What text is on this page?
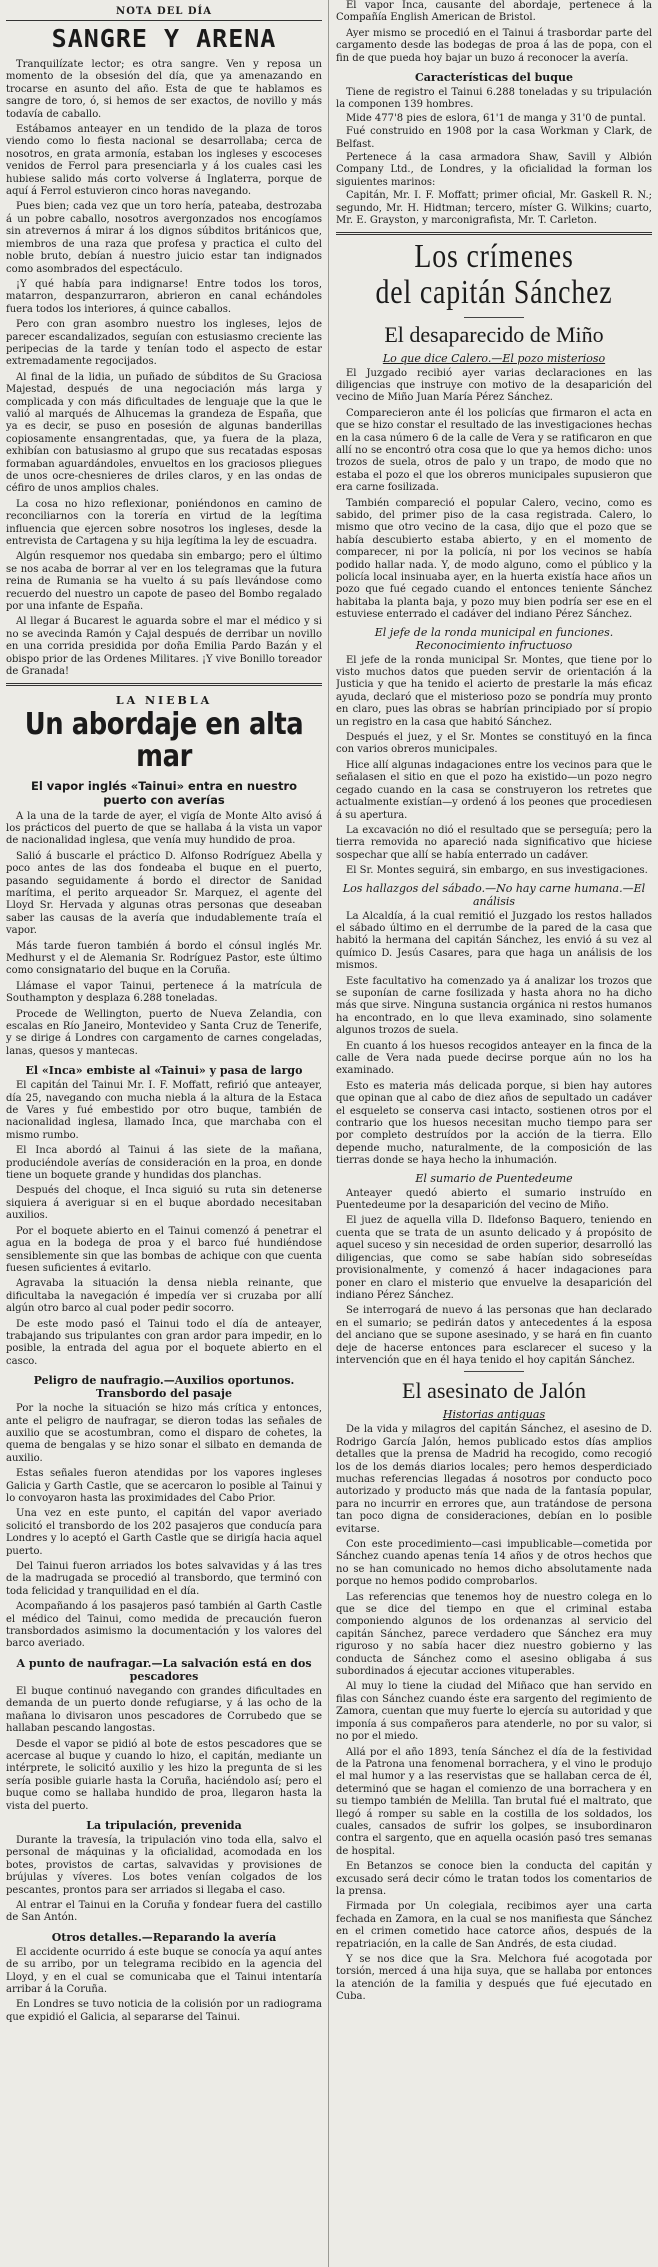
NOTA DEL DÍA
SANGRE Y ARENA

Tranquilízate lector; es otra sangre. Ven y reposa un momento de la obsesión del día, que ya amenazando en trocarse en asunto del año. Esta de que te hablamos es sangre de toro, ó, si hemos de ser exactos, de novillo y más todavía de caballo.

Estábamos anteayer en un tendido de la plaza de toros viendo como lo fiesta nacional se desarrollaba; cerca de nosotros, en grata armonía, estaban los ingleses y escoceses venidos de Ferrol para presenciarla y á los cuales casi les hubiese salido más corto volverse á Inglaterra, porque de aquí á Ferrol estuvieron cinco horas navegando.

Pues bien; cada vez que un toro hería, pateaba, destrozaba á un pobre caballo, nosotros avergonzados nos encogíamos sin atrevernos á mirar á los dignos súbditos británicos que, miembros de una raza que profesa y practica el culto del noble bruto, debían á nuestro juicio estar tan indignados como asombrados del espectáculo.

¡Y qué había para indignarse! Entre todos los toros, matarron, despanzurraron, abrieron en canal echándoles fuera todos los interiores, á quince caballos.

Pero con gran asombro nuestro los ingleses, lejos de parecer escandalizados, seguían con estusiasmo creciente las peripecias de la tarde y tenían todo el aspecto de estar extremadamente regocijados.

Al final de la lidia, un puñado de súbditos de Su Graciosa Majestad, después de una negociación más larga y complicada y con más dificultades de lenguaje que la que le valió al marqués de Alhucemas la grandeza de España, que ya es decir, se puso en posesión de algunas banderillas copiosamente ensangrentadas, que, ya fuera de la plaza, exhibían con batusiasmo al grupo que sus recatadas esposas formaban aguardándoles, envueltos en los graciosos pliegues de unos ocre-chesnieres de driles claros, y en las ondas de céfiro de unos amplios chales.

La cosa no hizo reflexionar, poniéndonos en camino de reconciliarnos con la torería en virtud de la legítima influencia que ejercen sobre nosotros los ingleses, desde la entrevista de Cartagena y su hija legítima la ley de escuadra.

Algún resquemor nos quedaba sin embargo; pero el último se nos acaba de borrar al ver en los telegramas que la futura reina de Rumania se ha vuelto á su país llevándose como recuerdo del nuestro un capote de paseo del Bombo regalado por una infante de España.

Al llegar á Bucarest le aguarda sobre el mar el médico y si no se avecinda Ramón y Cajal después de derribar un novillo en una corrida presidida por doña Emilia Pardo Bazán y el obispo prior de las Ordenes Militares. ¡Y vive Bonillo toreador de Granada!

LA NIEBLA
Un abordaje en alta mar
El vapor inglés «Tainui» entra en nuestro puerto con averías

A la una de la tarde de ayer, el vigía de Monte Alto avisó á los prácticos del puerto de que se hallaba á la vista un vapor de nacionalidad inglesa, que venía muy hundido de proa.

Salió á buscarle el práctico D. Alfonso Rodríguez Abella y poco antes de las dos fondeaba el buque en el puerto, pasando seguidamente á bordo el director de Sanidad marítima, el perito arqueador Sr. Marquez, el agente del Lloyd Sr. Hervada y algunas otras personas que deseaban saber las causas de la avería que indudablemente traía el vapor.

Más tarde fueron también á bordo el cónsul inglés Mr. Medhurst y el de Alemania Sr. Rodríguez Pastor, este último como consignatario del buque en la Coruña.

Llámase el vapor Tainui, pertenece á la matrícula de Southampton y desplaza 6.288 toneladas.

Procede de Wellington, puerto de Nueva Zelandia, con escalas en Río Janeiro, Montevideo y Santa Cruz de Tenerife, y se dirige á Londres con cargamento de carnes congeladas, lanas, quesos y mantecas.

El «Inca» embiste al «Tainui» y pasa de largo

El capitán del Tainui Mr. I. F. Moffatt, refirió que anteayer, día 25, navegando con mucha niebla á la altura de la Estaca de Vares y fué embestido por otro buque, también de nacionalidad inglesa, llamado Inca, que marchaba con el mismo rumbo.

El Inca abordó al Tainui á las siete de la mañana, produciéndole averías de consideración en la proa, en donde tiene un boquete grande y hundidas dos planchas.

Después del choque, el Inca siguió su ruta sin detenerse siquiera á averiguar si en el buque abordado necesitaban auxilios.

Por el boquete abierto en el Tainui comenzó á penetrar el agua en la bodega de proa y el barco fué hundiéndose sensiblemente sin que las bombas de achique con que cuenta fuesen suficientes á evitarlo.

Agravaba la situación la densa niebla reinante, que dificultaba la navegación é impedía ver si cruzaba por allí algún otro barco al cual poder pedir socorro.

De este modo pasó el Tainui todo el día de anteayer, trabajando sus tripulantes con gran ardor para impedir, en lo posible, la entrada del agua por el boquete abierto en el casco.

Peligro de naufragio.—Auxilios oportunos. Transbordo del pasaje

Por la noche la situación se hizo más crítica y entonces, ante el peligro de naufragar, se dieron todas las señales de auxilio que se acostumbran, como el disparo de cohetes, la quema de bengalas y se hizo sonar el silbato en demanda de auxilio.

Estas señales fueron atendidas por los vapores ingleses Galicia y Garth Castle, que se acercaron lo posible al Tainui y lo convoyaron hasta las proximidades del Cabo Prior.

Una vez en este punto, el capitán del vapor averiado solicitó el transbordo de los 202 pasajeros que conducía para Londres y lo aceptó el Garth Castle que se dirigía hacia aquel puerto.

Del Tainui fueron arriados los botes salvavidas y á las tres de la madrugada se procedió al transbordo, que terminó con toda felicidad y tranquilidad en el día.

Acompañando á los pasajeros pasó también al Garth Castle el médico del Tainui, como medida de precaución fueron transbordados asimismo la documentación y los valores del barco averiado.

A punto de naufragar.—La salvación está en dos pescadores

El buque continuó navegando con grandes dificultades en demanda de un puerto donde refugiarse, y á las ocho de la mañana lo divisaron unos pescadores de Corrubedo que se hallaban pescando langostas.

Desde el vapor se pidió al bote de estos pescadores que se acercase al buque y cuando lo hizo, el capitán, mediante un intérprete, le solicitó auxilio y les hizo la pregunta de si les sería posible guiarle hasta la Coruña, haciéndolo así; pero el buque como se hallaba hundido de proa, llegaron hasta la vista del puerto.

La tripulación, prevenida

Durante la travesía, la tripulación vino toda ella, salvo el personal de máquinas y la oficialidad, acomodada en los botes, provistos de cartas, salvavidas y provisiones de brújulas y víveres. Los botes venían colgados de los pescantes, prontos para ser arriados si llegaba el caso.

Al entrar el Tainui en la Coruña y fondear fuera del castillo de San Antón.

Otros detalles.—Reparando la avería

El accidente ocurrido á este buque se conocía ya aquí antes de su arribo, por un telegrama recibido en la agencia del Lloyd, y en el cual se comunicaba que el Tainui intentaría arribar á la Coruña.

En Londres se tuvo noticia de la colisión por un radiograma que expidió el Galicia, al separarse del Tainui.

El vapor Inca, causante del abordaje, pertenece á la Compañía English American de Bristol.

Ayer mismo se procedió en el Tainui á trasbordar parte del cargamento desde las bodegas de proa á las de popa, con el fin de que pueda hoy bajar un buzo á reconocer la avería.

Características del buque

Tiene de registro el Tainui 6.288 toneladas y su tripulación la componen 139 hombres.

Mide 477'8 pies de eslora, 61'1 de manga y 31'0 de puntal.

Fué construido en 1908 por la casa Workman y Clark, de Belfast.

Pertenece á la casa armadora Shaw, Savill y Albión Company Ltd., de Londres, y la oficialidad la forman los siguientes marinos:

Capitán, Mr. I. F. Moffatt; primer oficial, Mr. Gaskell R. N.; segundo, Mr. H. Hidtman; tercero, míster G. Wilkins; cuarto, Mr. E. Grayston, y marconigrafista, Mr. T. Carleton.

Los crímenes
del capitán Sánchez
El desaparecido de Miño
Lo que dice Calero.—El pozo misterioso

El Juzgado recibió ayer varias declaraciones en las diligencias que instruye con motivo de la desaparición del vecino de Miño Juan María Pérez Sánchez.

Comparecieron ante él los policías que firmaron el acta en que se hizo constar el resultado de las investigaciones hechas en la casa número 6 de la calle de Vera y se ratificaron en que allí no se encontró otra cosa que lo que ya hemos dicho: unos trozos de suela, otros de palo y un trapo, de modo que no estaba el pozo el que los obreros municipales supusieron que era carne fosilizada.

También compareció el popular Calero, vecino, como es sabido, del primer piso de la casa registrada. Calero, lo mismo que otro vecino de la casa, dijo que el pozo que se había descubierto estaba abierto, y en el momento de comparecer, ni por la policía, ni por los vecinos se había podido hallar nada. Y, de modo alguno, como el público y la policía local insinuaba ayer, en la huerta existía hace años un pozo que fué cegado cuando el entonces teniente Sánchez habitaba la planta baja, y pozo muy bien podría ser ese en el estuviese enterrado el cadáver del indiano Pérez Sánchez.

El jefe de la ronda municipal en funciones. Reconocimiento infructuoso

El jefe de la ronda municipal Sr. Montes, que tiene por lo visto muchos datos que pueden servir de orientación á la Justicia y que ha tenido el acierto de prestarle la más eficaz ayuda, declaró que el misterioso pozo se pondría muy pronto en claro, pues las obras se habrían principiado por sí propio un registro en la casa que habitó Sánchez.

Después el juez, y el Sr. Montes se constituyó en la finca con varios obreros municipales.

Hice allí algunas indagaciones entre los vecinos para que le señalasen el sitio en que el pozo ha existido—un pozo negro cegado cuando en la casa se construyeron los retretes que actualmente existían—y ordenó á los peones que procediesen á su apertura.

La excavación no dió el resultado que se perseguía; pero la tierra removida no apareció nada significativo que hiciese sospechar que allí se había enterrado un cadáver.

El Sr. Montes seguirá, sin embargo, en sus investigaciones.

Los hallazgos del sábado.—No hay carne humana.—El análisis

La Alcaldía, á la cual remitió el Juzgado los restos hallados el sábado último en el derrumbe de la pared de la casa que habitó la hermana del capitán Sánchez, les envió á su vez al químico D. Jesús Casares, para que haga un análisis de los mismos.

Este facultativo ha comenzado ya á analizar los trozos que se suponían de carne fosilizada y hasta ahora no ha dicho más que sirve. Ninguna sustancia orgánica ni restos humanos ha encontrado, en lo que lleva examinado, sino solamente algunos trozos de suela.

En cuanto á los huesos recogidos anteayer en la finca de la calle de Vera nada puede decirse porque aún no los ha examinado.

Esto es materia más delicada porque, si bien hay autores que opinan que al cabo de diez años de sepultado un cadáver el esqueleto se conserva casi intacto, sostienen otros por el contrario que los huesos necesitan mucho tiempo para ser por completo destruídos por la acción de la tierra. Ello depende mucho, naturalmente, de la composición de las tierras donde se haya hecho la inhumación.

El sumario de Puentedeume

Anteayer quedó abierto el sumario instruído en Puentedeume por la desaparición del vecino de Miño.

El juez de aquella villa D. Ildefonso Baquero, teniendo en cuenta que se trata de un asunto delicado y á propósito de aquel suceso y sin necesidad de orden superior, desarrolló las diligencias, que como se sabe habían sido sobreseídas provisionalmente, y comenzó á hacer indagaciones para poner en claro el misterio que envuelve la desaparición del indiano Pérez Sánchez.

Se interrogará de nuevo á las personas que han declarado en el sumario; se pedirán datos y antecedentes á la esposa del anciano que se supone asesinado, y se hará en fin cuanto deje de hacerse entonces para esclarecer el suceso y la intervención que en él haya tenido el hoy capitán Sánchez.

El asesinato de Jalón
Historias antiguas

De la vida y milagros del capitán Sánchez, el asesino de D. Rodrigo García Jalón, hemos publicado estos días amplios detalles que la prensa de Madrid ha recogido, como recogió los de los demás diarios locales; pero hemos desperdiciado muchas referencias llegadas á nosotros por conducto poco autorizado y producto más que nada de la fantasía popular, para no incurrir en errores que, aun tratándose de persona tan poco digna de consideraciones, debían en lo posible evitarse.

Con este procedimiento—casi impublicable—cometida por Sánchez cuando apenas tenía 14 años y de otros hechos que no se han comunicado no hemos dicho absolutamente nada porque no hemos podido comprobarlos.

Las referencias que tenemos hoy de nuestro colega en lo que se dice del tiempo en que el criminal estaba componiendo algunos de los ordenanzas al servicio del capitán Sánchez, parece verdadero que Sánchez era muy riguroso y no sabía hacer diez nuestro gobierno y las conducta de Sánchez como el asesino obligaba á sus subordinados á ejecutar acciones vituperables.

Al muy lo tiene la ciudad del Miñaco que han servido en filas con Sánchez cuando éste era sargento del regimiento de Zamora, cuentan que muy fuerte lo ejercía su autoridad y que imponía á sus compañeros para atenderle, no por su valor, si no por el miedo.

Allá por el año 1893, tenía Sánchez el día de la festividad de la Patrona una fenomenal borrachera, y el vino le produjo el mal humor y a las reservistas que se hallaban cerca de él, determinó que se hagan el comienzo de una borrachera y en su tiempo también de Melilla. Tan brutal fué el maltrato, que llegó á romper su sable en la costilla de los soldados, los cuales, cansados de sufrir los golpes, se insubordinaron contra el sargento, que en aquella ocasión pasó tres semanas de hospital.

En Betanzos se conoce bien la conducta del capitán y excusado será decir cómo le tratan todos los comentarios de la prensa.

Firmada por Un colegiala, recibimos ayer una carta fechada en Zamora, en la cual se nos manifiesta que Sánchez en el crimen cometido hace catorce años, después de la repatriación, en la calle de San Andrés, de esta ciudad.

Y se nos dice que la Sra. Melchora fué acogotada por torsión, merced á una hija suya, que se hallaba por entonces la atención de la familia y después que fué ejecutado en Cuba.
